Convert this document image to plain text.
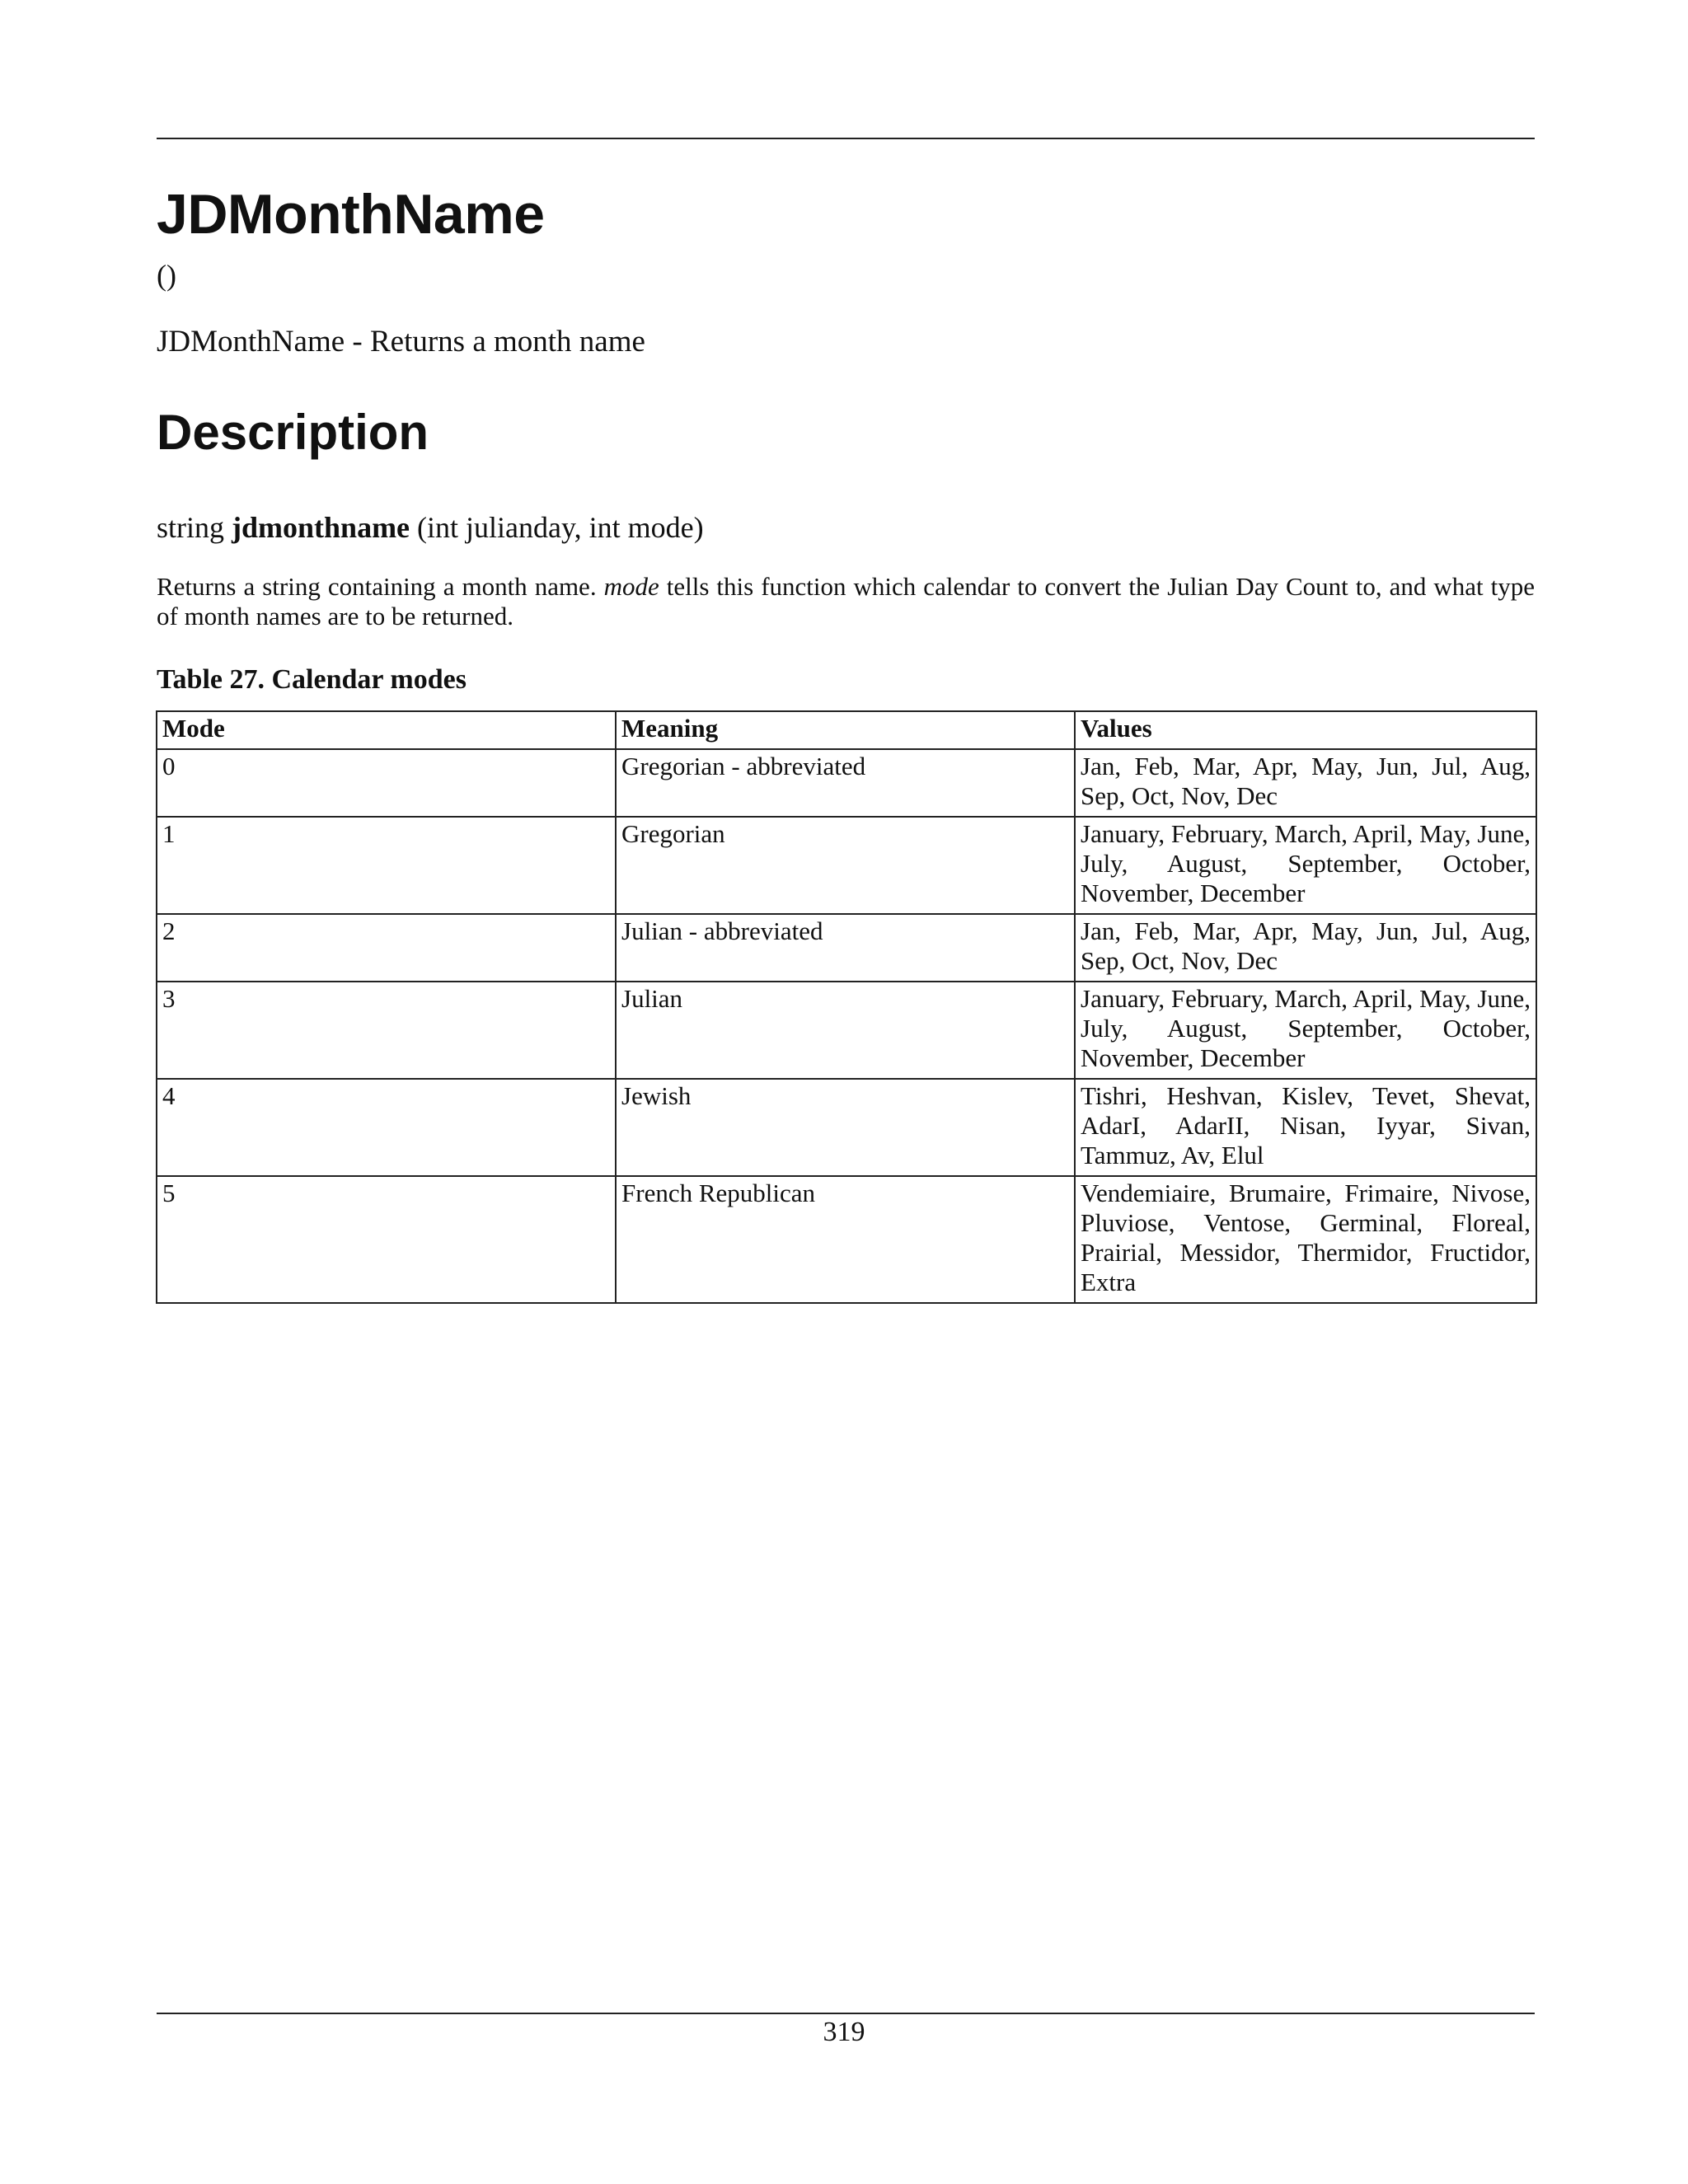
JDMonthName
()
JDMonthName - Returns a month name
Description
string jdmonthname (int julianday, int mode)
Returns a string containing a month name. mode tells this function which calendar to convert the Julian Day Count to, and what type of month names are to be returned.
Table 27. Calendar modes
Mode	Meaning	Values
0	Gregorian - abbreviated	Jan, Feb, Mar, Apr, May, Jun, Jul, Aug, Sep, Oct, Nov, Dec
1	Gregorian	January, February, March, April, May, June, July, August, September, October, November, December
2	Julian - abbreviated	Jan, Feb, Mar, Apr, May, Jun, Jul, Aug, Sep, Oct, Nov, Dec
3	Julian	January, February, March, April, May, June, July, August, September, October, November, December
4	Jewish	Tishri, Heshvan, Kislev, Tevet, Shevat, AdarI, AdarII, Nisan, Iyyar, Sivan, Tammuz, Av, Elul
5	French Republican	Vendemiaire, Brumaire, Frimaire, Nivose, Pluviose, Ventose, Germinal, Floreal, Prairial, Messidor, Thermidor, Fructidor, Extra
319
